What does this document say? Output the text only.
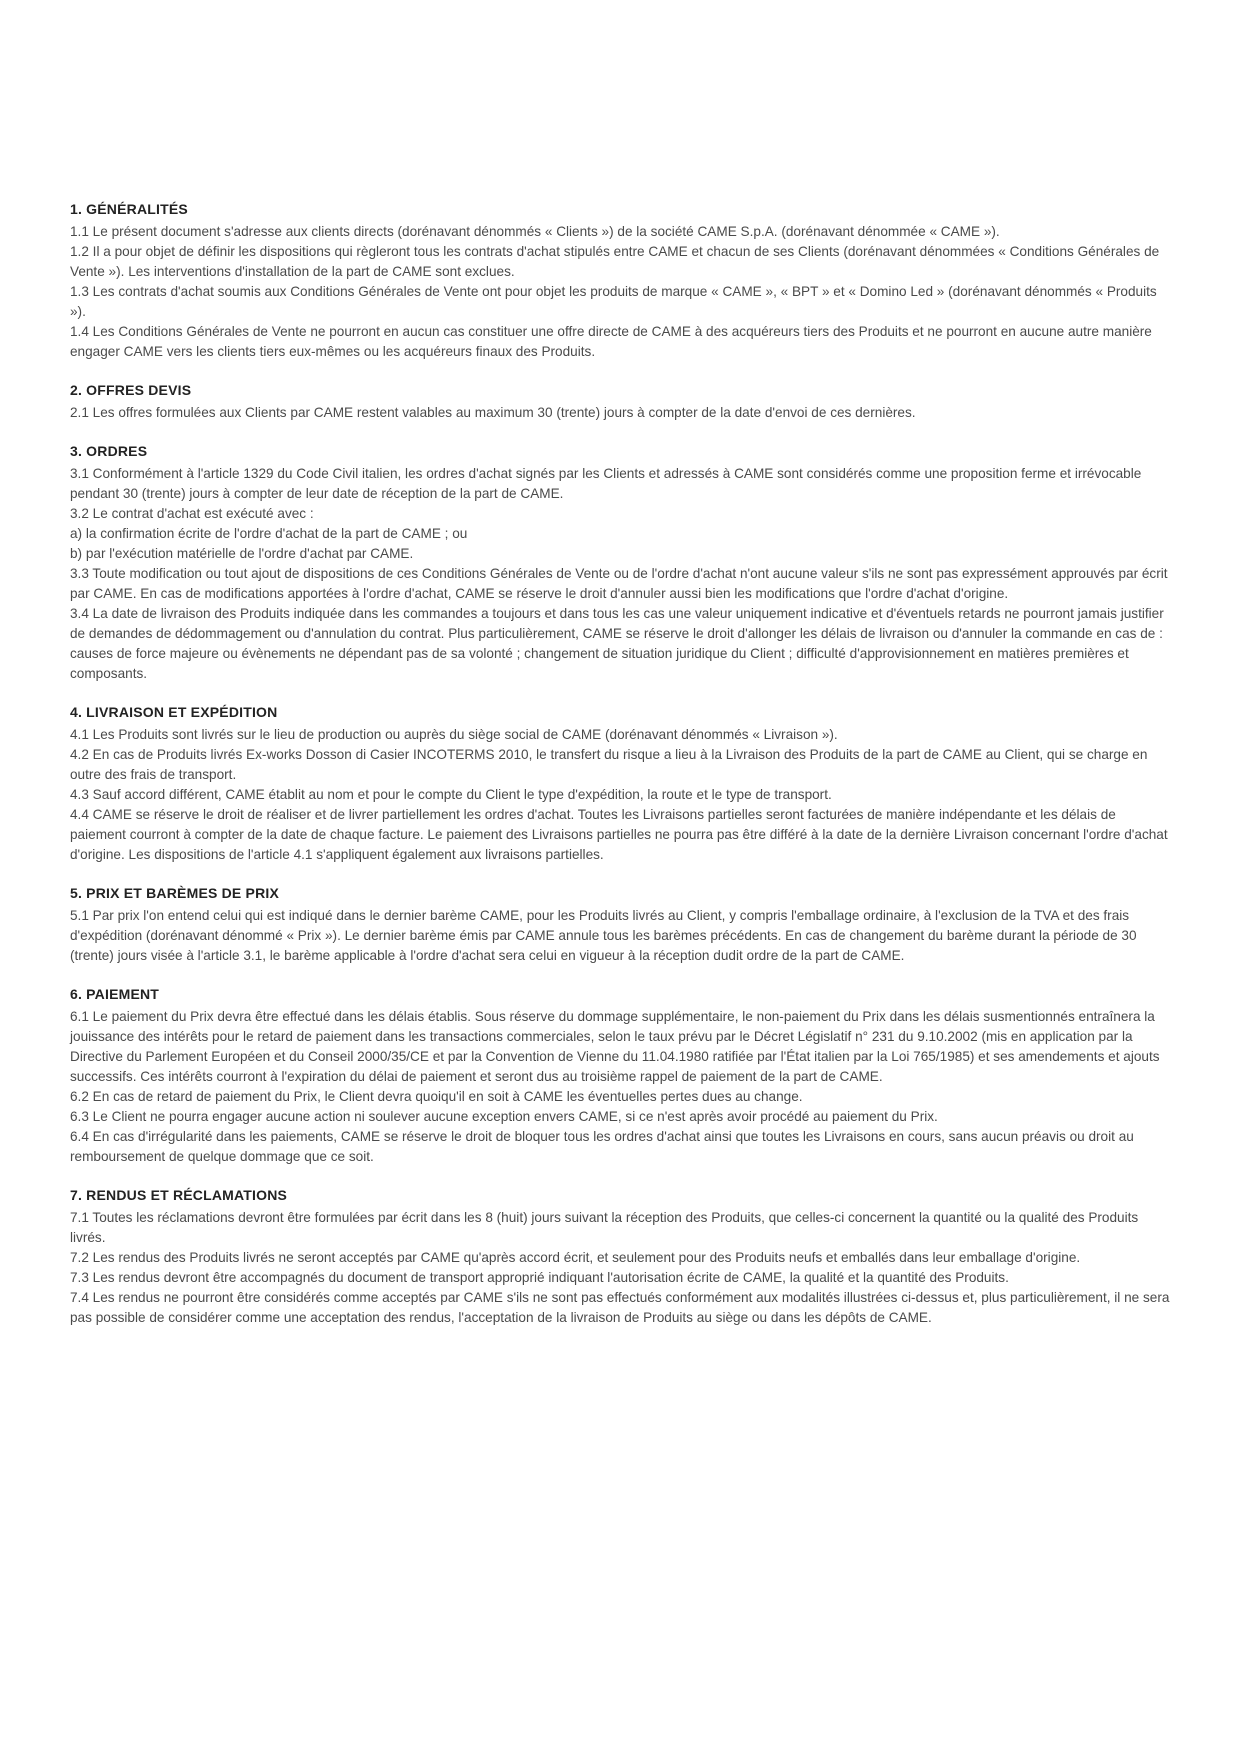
1. GÉNÉRALITÉS

1.1 Le présent document s'adresse aux clients directs (dorénavant dénommés « Clients ») de la société CAME S.p.A. (dorénavant dénommée « CAME »).

1.2 Il a pour objet de définir les dispositions qui règleront tous les contrats d'achat stipulés entre CAME et chacun de ses Clients (dorénavant dénommées « Conditions Générales de Vente »). Les interventions d'installation de la part de CAME sont exclues.

1.3 Les contrats d'achat soumis aux Conditions Générales de Vente ont pour objet les produits de marque « CAME », « BPT » et « Domino Led » (dorénavant dénommés « Produits »).

1.4 Les Conditions Générales de Vente ne pourront en aucun cas constituer une offre directe de CAME à des acquéreurs tiers des Produits et ne pourront en aucune autre manière engager CAME vers les clients tiers eux-mêmes ou les acquéreurs finaux des Produits.

2. OFFRES DEVIS

2.1 Les offres formulées aux Clients par CAME restent valables au maximum 30 (trente) jours à compter de la date d'envoi de ces dernières.

3. ORDRES

3.1 Conformément à l'article 1329 du Code Civil italien, les ordres d'achat signés par les Clients et adressés à CAME sont considérés comme une proposition ferme et irrévocable pendant 30 (trente) jours à compter de leur date de réception de la part de CAME.

3.2 Le contrat d'achat est exécuté avec :

a) la confirmation écrite de l'ordre d'achat de la part de CAME ; ou

b) par l'exécution matérielle de l'ordre d'achat par CAME.

3.3 Toute modification ou tout ajout de dispositions de ces Conditions Générales de Vente ou de l'ordre d'achat n'ont aucune valeur s'ils ne sont pas expressément approuvés par écrit par CAME. En cas de modifications apportées à l'ordre d'achat, CAME se réserve le droit d'annuler aussi bien les modifications que l'ordre d'achat d'origine.

3.4 La date de livraison des Produits indiquée dans les commandes a toujours et dans tous les cas une valeur uniquement indicative et d'éventuels retards ne pourront jamais justifier de demandes de dédommagement ou d'annulation du contrat. Plus particulièrement, CAME se réserve le droit d'allonger les délais de livraison ou d'annuler la commande en cas de : causes de force majeure ou évènements ne dépendant pas de sa volonté ; changement de situation juridique du Client ; difficulté d'approvisionnement en matières premières et composants.

4. LIVRAISON ET EXPÉDITION

4.1 Les Produits sont livrés sur le lieu de production ou auprès du siège social de CAME (dorénavant dénommés « Livraison »).

4.2 En cas de Produits livrés Ex-works Dosson di Casier INCOTERMS 2010, le transfert du risque a lieu à la Livraison des Produits de la part de CAME au Client, qui se charge en outre des frais de transport.

4.3 Sauf accord différent, CAME établit au nom et pour le compte du Client le type d'expédition, la route et le type de transport.

4.4 CAME se réserve le droit de réaliser et de livrer partiellement les ordres d'achat. Toutes les Livraisons partielles seront facturées de manière indépendante et les délais de paiement courront à compter de la date de chaque facture. Le paiement des Livraisons partielles ne pourra pas être différé à la date de la dernière Livraison concernant l'ordre d'achat d'origine. Les dispositions de l'article 4.1 s'appliquent également aux livraisons partielles.

5. PRIX ET BARÈMES DE PRIX

5.1 Par prix l'on entend celui qui est indiqué dans le dernier barème CAME, pour les Produits livrés au Client, y compris l'emballage ordinaire, à l'exclusion de la TVA et des frais d'expédition (dorénavant dénommé « Prix »). Le dernier barème émis par CAME annule tous les barèmes précédents. En cas de changement du barème durant la période de 30 (trente) jours visée à l'article 3.1, le barème applicable à l'ordre d'achat sera celui en vigueur à la réception dudit ordre de la part de CAME.

6. PAIEMENT

6.1 Le paiement du Prix devra être effectué dans les délais établis. Sous réserve du dommage supplémentaire, le non-paiement du Prix dans les délais susmentionnés entraînera la jouissance des intérêts pour le retard de paiement dans les transactions commerciales, selon le taux prévu par le Décret Législatif n° 231 du 9.10.2002 (mis en application par la Directive du Parlement Européen et du Conseil 2000/35/CE et par la Convention de Vienne du 11.04.1980 ratifiée par l'État italien par la Loi 765/1985) et ses amendements et ajouts successifs. Ces intérêts courront à l'expiration du délai de paiement et seront dus au troisième rappel de paiement de la part de CAME.

6.2 En cas de retard de paiement du Prix, le Client devra quoiqu'il en soit à CAME les éventuelles pertes dues au change.

6.3 Le Client ne pourra engager aucune action ni soulever aucune exception envers CAME, si ce n'est après avoir procédé au paiement du Prix.

6.4 En cas d'irrégularité dans les paiements, CAME se réserve le droit de bloquer tous les ordres d'achat ainsi que toutes les Livraisons en cours, sans aucun préavis ou droit au remboursement de quelque dommage que ce soit.

7. RENDUS ET RÉCLAMATIONS

7.1 Toutes les réclamations devront être formulées par écrit dans les 8 (huit) jours suivant la réception des Produits, que celles-ci concernent la quantité ou la qualité des Produits livrés.

7.2 Les rendus des Produits livrés ne seront acceptés par CAME qu'après accord écrit, et seulement pour des Produits neufs et emballés dans leur emballage d'origine.

7.3 Les rendus devront être accompagnés du document de transport approprié indiquant l'autorisation écrite de CAME, la qualité et la quantité des Produits.

7.4 Les rendus ne pourront être considérés comme acceptés par CAME s'ils ne sont pas effectués conformément aux modalités illustrées ci-dessus et, plus particulièrement, il ne sera pas possible de considérer comme une acceptation des rendus, l'acceptation de la livraison de Produits au siège ou dans les dépôts de CAME.
